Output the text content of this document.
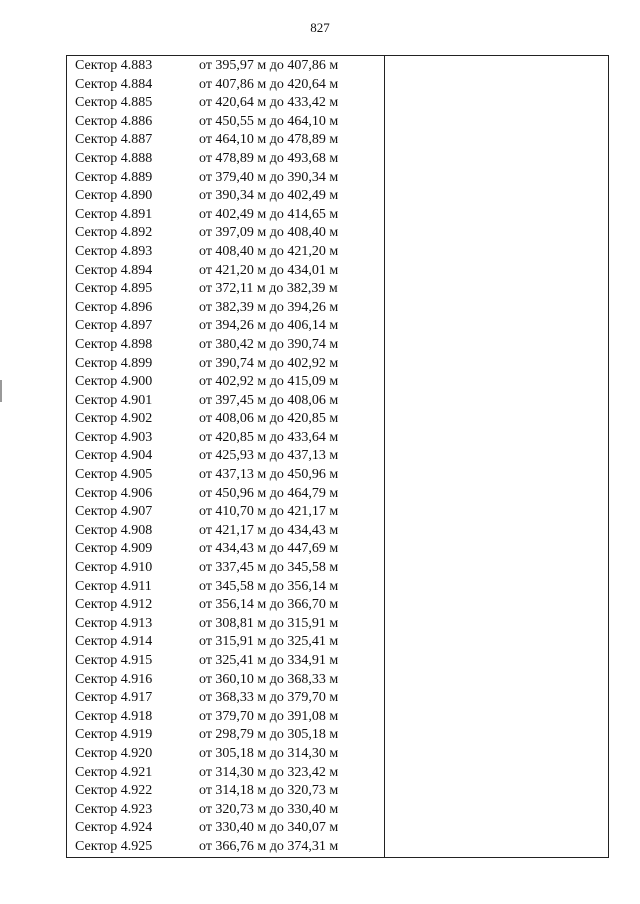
827
Сектор 4.883	от 395,97 м до 407,86 м
Сектор 4.884	от 407,86 м до 420,64 м
Сектор 4.885	от 420,64 м до 433,42 м
Сектор 4.886	от 450,55 м до 464,10 м
Сектор 4.887	от 464,10 м до 478,89 м
Сектор 4.888	от 478,89 м до 493,68 м
Сектор 4.889	от 379,40 м до 390,34 м
Сектор 4.890	от 390,34 м до 402,49 м
Сектор 4.891	от 402,49 м до 414,65 м
Сектор 4.892	от 397,09 м до 408,40 м
Сектор 4.893	от 408,40 м до 421,20 м
Сектор 4.894	от 421,20 м до 434,01 м
Сектор 4.895	от 372,11 м до 382,39 м
Сектор 4.896	от 382,39 м до 394,26 м
Сектор 4.897	от 394,26 м до 406,14 м
Сектор 4.898	от 380,42 м до 390,74 м
Сектор 4.899	от 390,74 м до 402,92 м
Сектор 4.900	от 402,92 м до 415,09 м
Сектор 4.901	от 397,45 м до 408,06 м
Сектор 4.902	от 408,06 м до 420,85 м
Сектор 4.903	от 420,85 м до 433,64 м
Сектор 4.904	от 425,93 м до 437,13 м
Сектор 4.905	от 437,13 м до 450,96 м
Сектор 4.906	от 450,96 м до 464,79 м
Сектор 4.907	от 410,70 м до 421,17 м
Сектор 4.908	от 421,17 м до 434,43 м
Сектор 4.909	от 434,43 м до 447,69 м
Сектор 4.910	от 337,45 м до 345,58 м
Сектор 4.911	от 345,58 м до 356,14 м
Сектор 4.912	от 356,14 м до 366,70 м
Сектор 4.913	от 308,81 м до 315,91 м
Сектор 4.914	от 315,91 м до 325,41 м
Сектор 4.915	от 325,41 м до 334,91 м
Сектор 4.916	от 360,10 м до 368,33 м
Сектор 4.917	от 368,33 м до 379,70 м
Сектор 4.918	от 379,70 м до 391,08 м
Сектор 4.919	от 298,79 м до 305,18 м
Сектор 4.920	от 305,18 м до 314,30 м
Сектор 4.921	от 314,30 м до 323,42 м
Сектор 4.922	от 314,18 м до 320,73 м
Сектор 4.923	от 320,73 м до 330,40 м
Сектор 4.924	от 330,40 м до 340,07 м
Сектор 4.925	от 366,76 м до 374,31 м
